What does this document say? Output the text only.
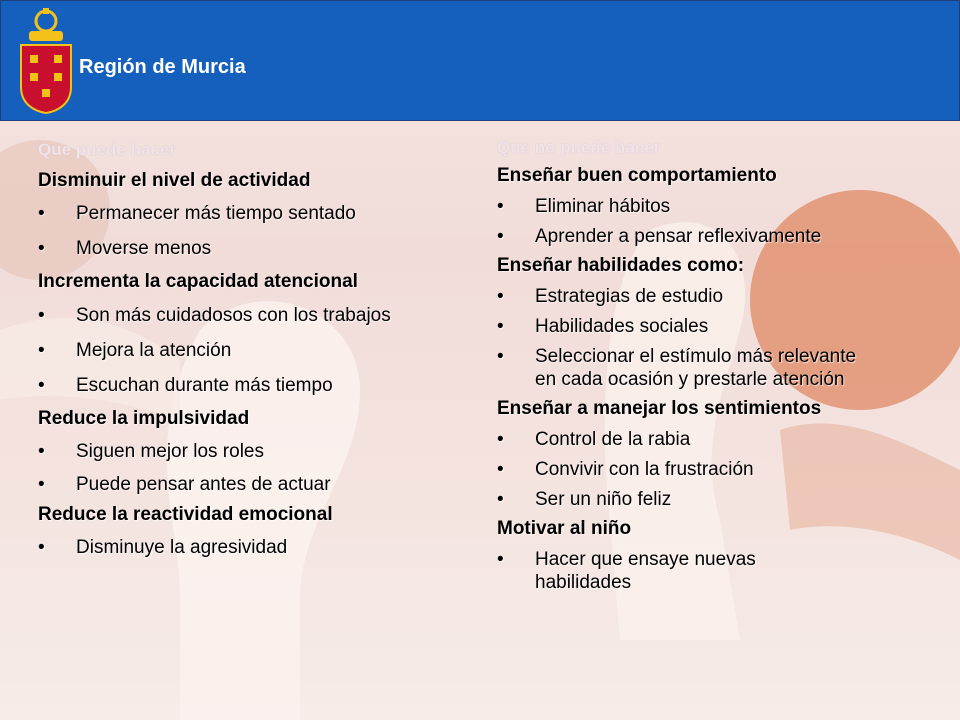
Región de Murcia

Que puede hacer

Disminuir el nivel de actividad

•	Permanecer más tiempo sentado
•	Moverse menos

Incrementa la capacidad atencional

•	Son más cuidadosos con los trabajos
•	Mejora la atención
•	Escuchan durante más tiempo

Reduce la impulsividad

•	Siguen mejor los roles
•	Puede pensar antes de actuar

Reduce la reactividad emocional

•	Disminuye la agresividad

Que no puede hacer

Enseñar buen comportamiento

•	Eliminar hábitos
•	Aprender a pensar reflexivamente

Enseñar habilidades como:

•	Estrategias de estudio
•	Habilidades sociales
•	Seleccionar el estímulo más relevante en cada ocasión y prestarle atención

Enseñar a manejar los sentimientos

•	Control de la rabia
•	Convivir con la frustración
•	Ser un niño feliz

Motivar al niño

•	Hacer que ensaye nuevas habilidades
